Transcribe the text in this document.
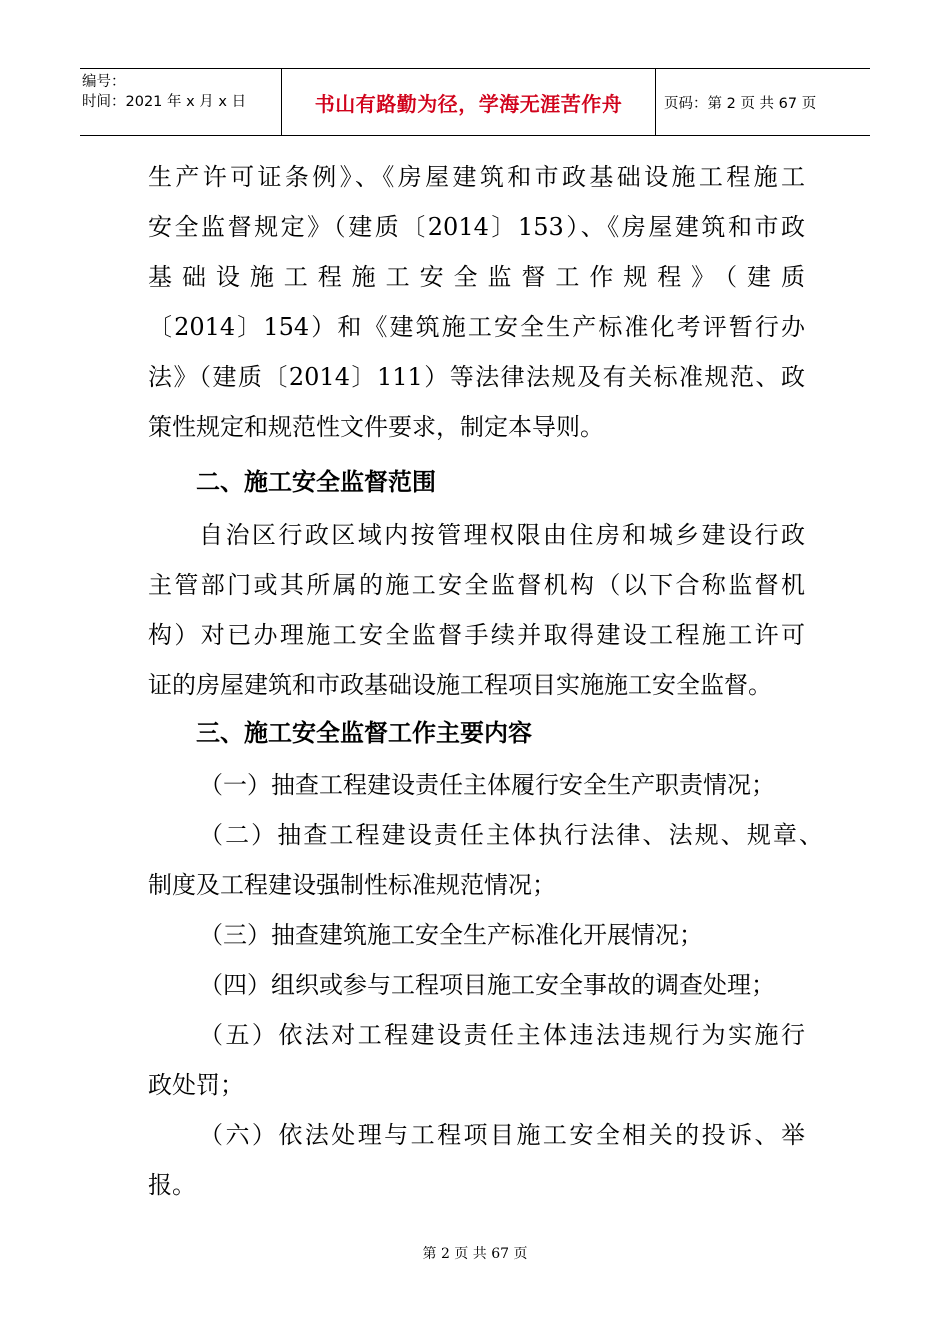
编号：
时间：2021 年 x 月 x 日	书山有路勤为径，学海无涯苦作舟	页码：第 2 页 共 67 页
生产许可证条例》、《房屋建筑和市政基础设施工程施工
安全监督规定》（建质〔2014〕153）、《房屋建筑和市政
基础设施工程施工安全监督工作规程》（建质
〔2014〕154）和《建筑施工安全生产标准化考评暂行办
法》（建质〔2014〕111）等法律法规及有关标准规范、政
策性规定和规范性文件要求，制定本导则。
二、施工安全监督范围
自治区行政区域内按管理权限由住房和城乡建设行政
主管部门或其所属的施工安全监督机构（以下合称监督机
构）对已办理施工安全监督手续并取得建设工程施工许可
证的房屋建筑和市政基础设施工程项目实施施工安全监督。
三、施工安全监督工作主要内容
（一）抽查工程建设责任主体履行安全生产职责情况；
（二）抽查工程建设责任主体执行法律、法规、规章、
制度及工程建设强制性标准规范情况；
（三）抽查建筑施工安全生产标准化开展情况；
（四）组织或参与工程项目施工安全事故的调查处理；
（五）依法对工程建设责任主体违法违规行为实施行
政处罚；
（六）依法处理与工程项目施工安全相关的投诉、举
报。
第 2 页 共 67 页
